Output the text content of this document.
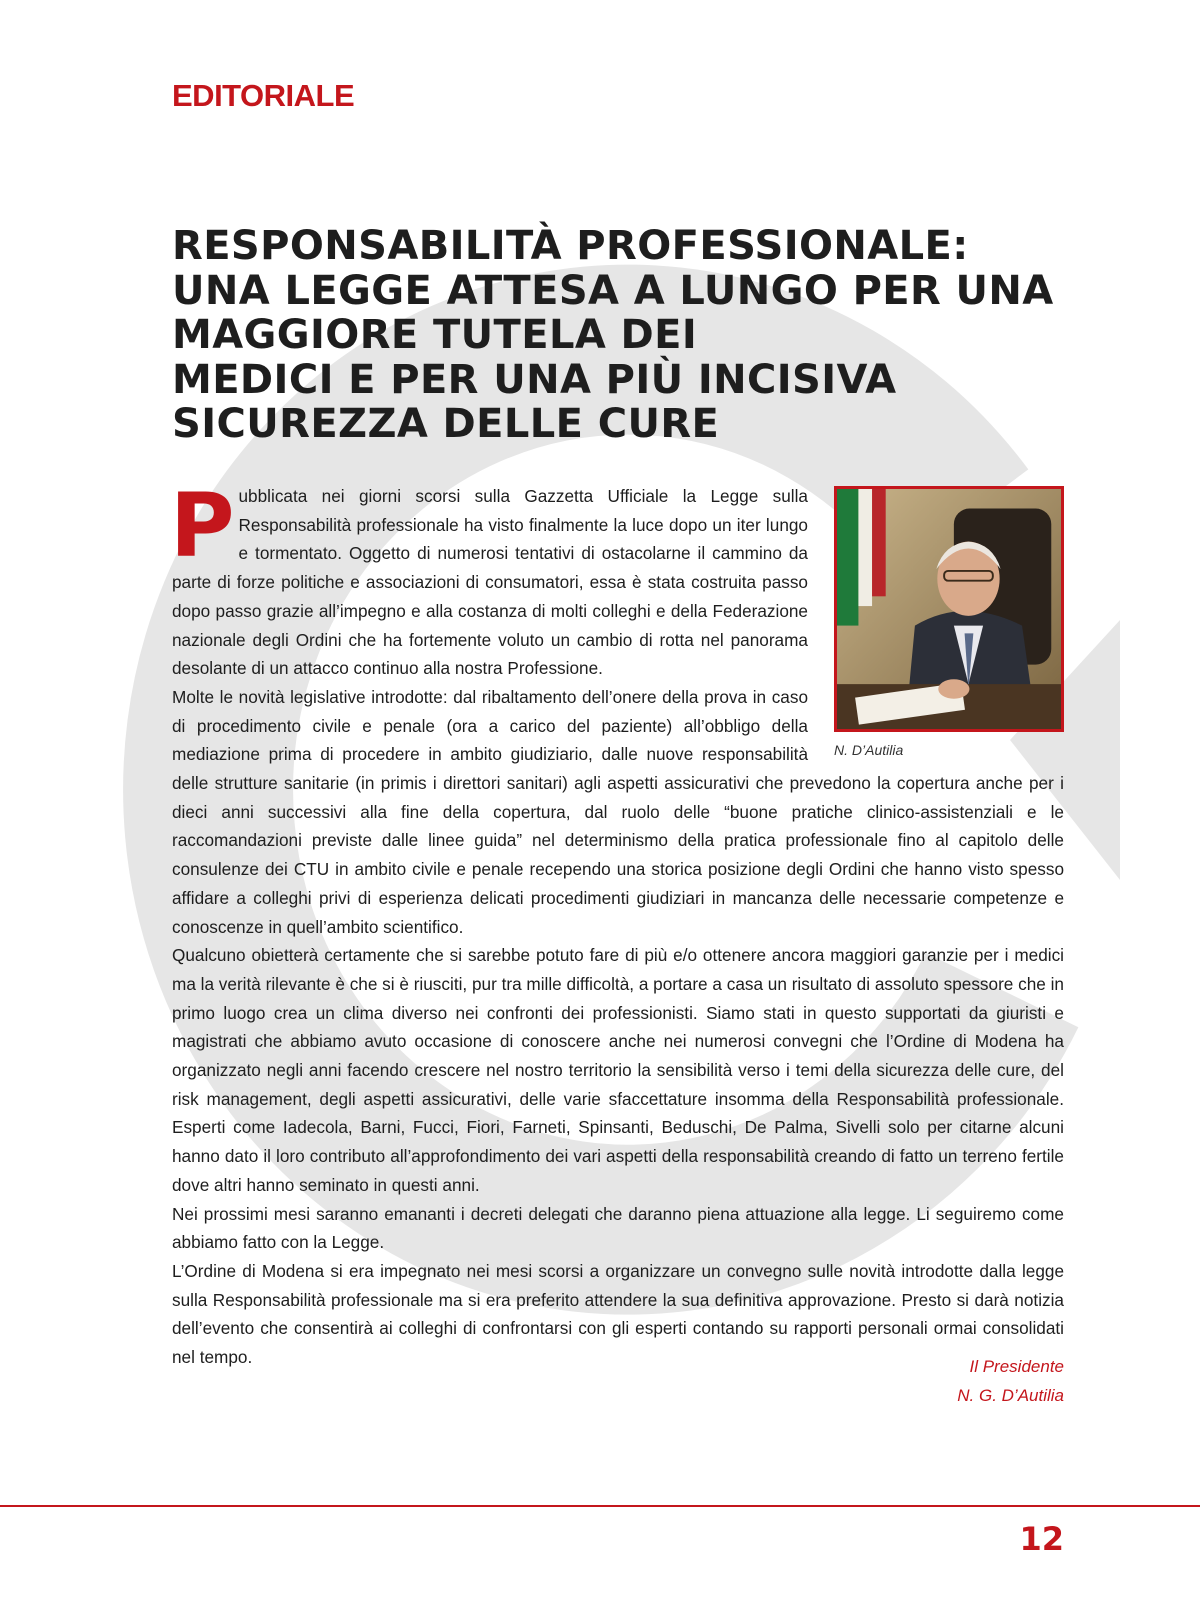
EDITORIALE
RESPONSABILITÀ PROFESSIONALE:
UNA LEGGE ATTESA A LUNGO PER UNA
MAGGIORE TUTELA DEI
MEDICI E PER UNA PIÙ INCISIVA
SICUREZZA DELLE CURE
N. D’Autilia

Pubblicata nei giorni scorsi sulla Gazzetta Ufficiale la Legge sulla Responsabilità professionale ha visto finalmente la luce dopo un iter lungo e tormentato. Oggetto di numerosi tentativi di ostacolarne il cammino da parte di forze politiche e associazioni di consumatori, essa è stata costruita passo dopo passo grazie all’impegno e alla costanza di molti colleghi e della Federazione nazionale degli Ordini che ha fortemente voluto un cambio di rotta nel panorama desolante di un attacco continuo alla nostra Professione.

Molte le novità legislative introdotte: dal ribaltamento dell’onere della prova in caso di procedimento civile e penale (ora a carico del paziente) all’obbligo della mediazione prima di procedere in ambito giudiziario, dalle nuove responsabilità delle strutture sanitarie (in primis i direttori sanitari) agli aspetti assicurativi che prevedono la copertura anche per i dieci anni successivi alla fine della copertura, dal ruolo delle “buone pratiche clinico-assistenziali e le raccomandazioni previste dalle linee guida” nel determinismo della pratica professionale fino al capitolo delle consulenze dei CTU in ambito civile e penale recependo una storica posizione degli Ordini che hanno visto spesso affidare a colleghi privi di esperienza delicati procedimenti giudiziari in mancanza delle necessarie competenze e conoscenze in quell’ambito scientifico.

Qualcuno obietterà certamente che si sarebbe potuto fare di più e/o ottenere ancora maggiori garanzie per i medici ma la verità rilevante è che si è riusciti, pur tra mille difficoltà, a portare a casa un risultato di assoluto spessore che in primo luogo crea un clima diverso nei confronti dei professionisti. Siamo stati in questo supportati da giuristi e magistrati che abbiamo avuto occasione di conoscere anche nei numerosi convegni che l’Ordine di Modena ha organizzato negli anni facendo crescere nel nostro territorio la sensibilità verso i temi della sicurezza delle cure, del risk management, degli aspetti assicurativi, delle varie sfaccettature insomma della Responsabilità professionale. Esperti come Iadecola, Barni, Fucci, Fiori, Farneti, Spinsanti, Beduschi, De Palma, Sivelli solo per citarne alcuni hanno dato il loro contributo all’approfondimento dei vari aspetti della responsabilità creando di fatto un terreno fertile dove altri hanno seminato in questi anni.

Nei prossimi mesi saranno emananti i decreti delegati che daranno piena attuazione alla legge. Li seguiremo come abbiamo fatto con la Legge.

L’Ordine di Modena si era impegnato nei mesi scorsi a organizzare un convegno sulle novità introdotte dalla legge sulla Responsabilità professionale ma si era preferito attendere la sua definitiva approvazione. Presto si darà notizia dell’evento che consentirà ai colleghi di confrontarsi con gli esperti contando su rapporti personali ormai consolidati nel tempo.	Il Presidente
N. G. D’Autilia
12
